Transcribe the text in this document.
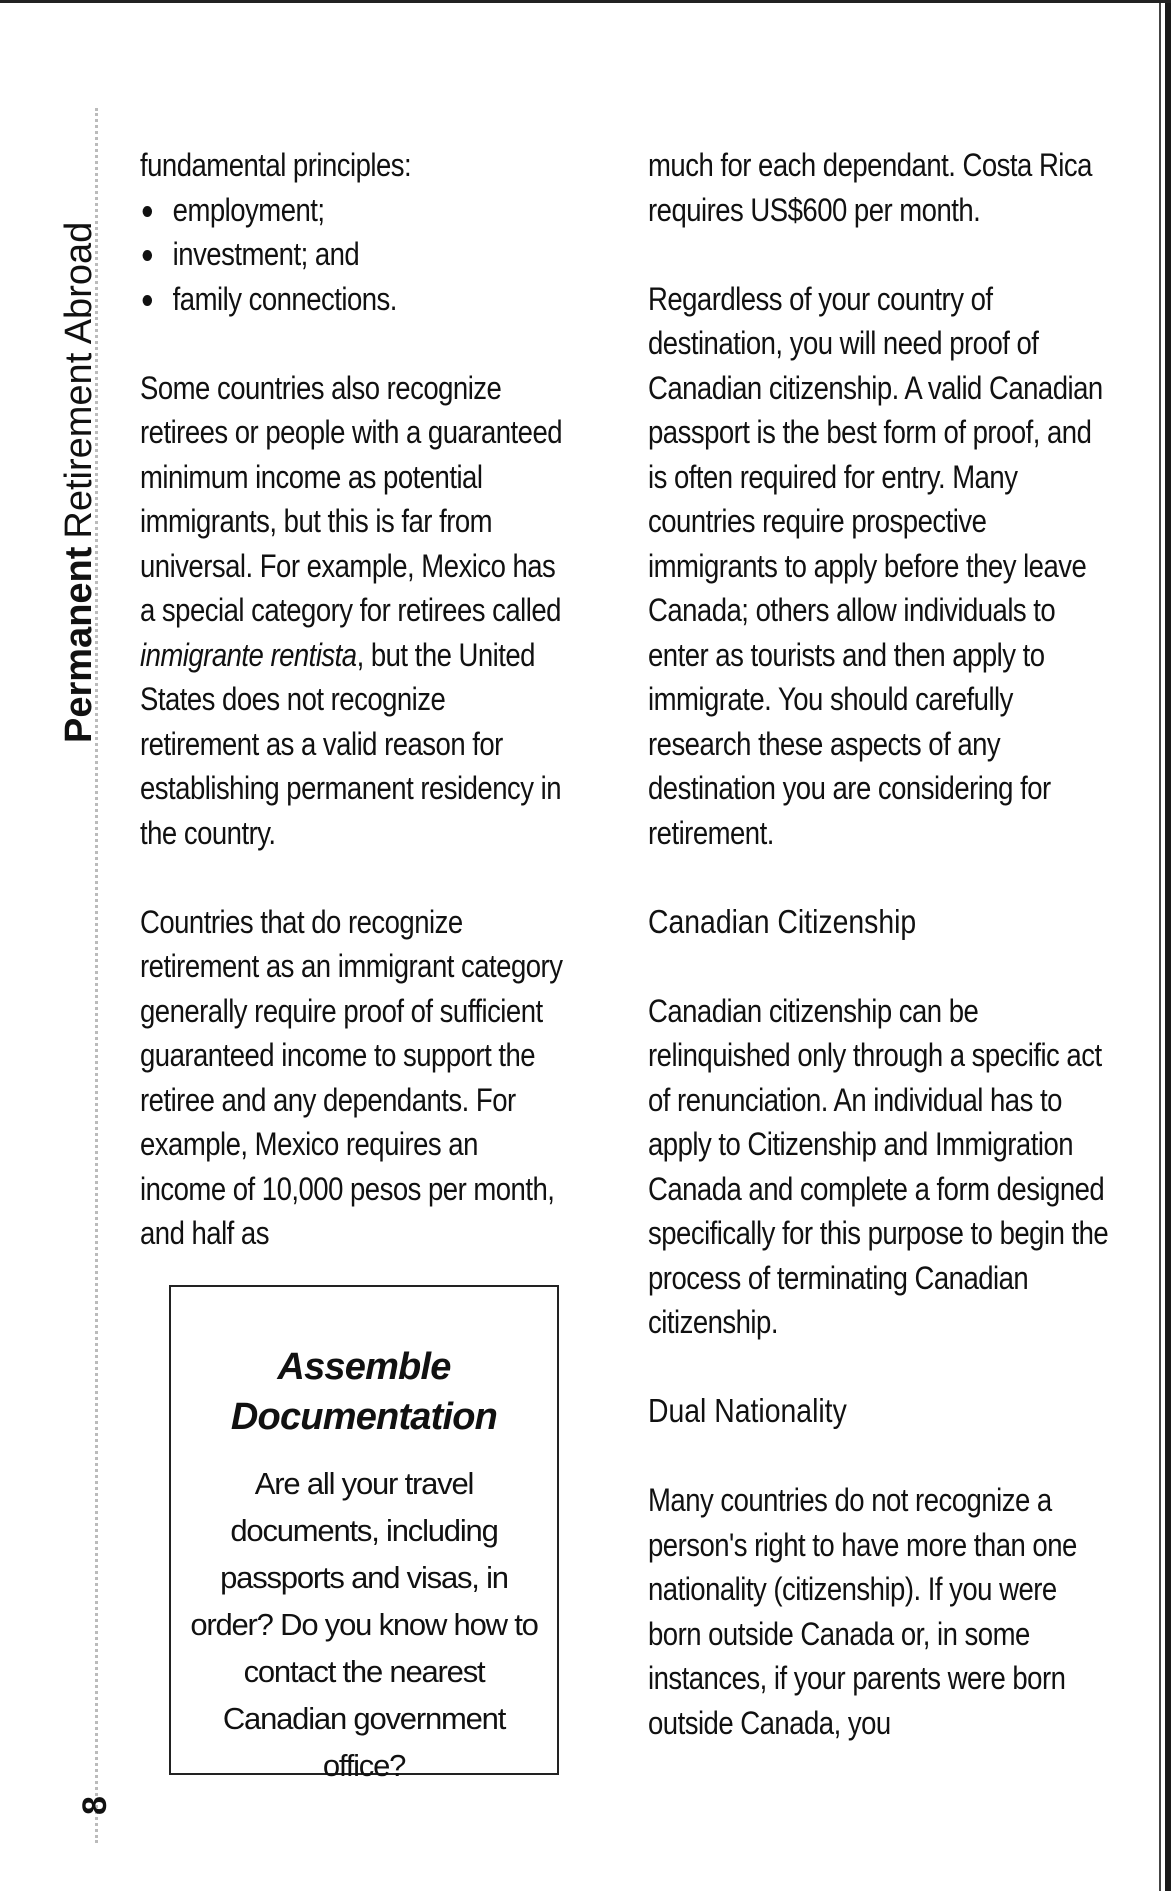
PermanentRetirement Abroad
8
fundamental principles:
employment;
investment; and
family connections.

Some countries also recognize retirees or people with a guaranteed minimum income as potential immigrants, but this is far from universal. For example, Mexico has a special category for retirees called inmigrante rentista, but the United States does not recognize retirement as a valid reason for establishing permanent residency in the country.

Countries that do recognize retirement as an immigrant category generally require proof of sufficient guaranteed income to support the retiree and any dependants. For example, Mexico requires an income of 10,000 pesos per month, and half as

Assemble
Documentation
Are all your travel documents, including passports and visas, in order? Do you know how to contact the nearest Canadian government office?

much for each dependant. Costa Rica requires US$600 per month.

Regardless of your country of destination, you will need proof of Canadian citizenship. A valid Canadian passport is the best form of proof, and is often required for entry. Many countries require prospective immigrants to apply before they leave Canada; others allow individuals to enter as tourists and then apply to immigrate. You should carefully research these aspects of any destination you are considering for retirement.

Canadian Citizenship

Canadian citizenship can be relinquished only through a specific act of renunciation. An individual has to apply to Citizenship and Immigration Canada and complete a form designed specifically for this purpose to begin the process of terminating Canadian citizenship.

Dual Nationality

Many countries do not recognize a person's right to have more than one nationality (citizenship). If you were born outside Canada or, in some instances, if your parents were born outside Canada, you
